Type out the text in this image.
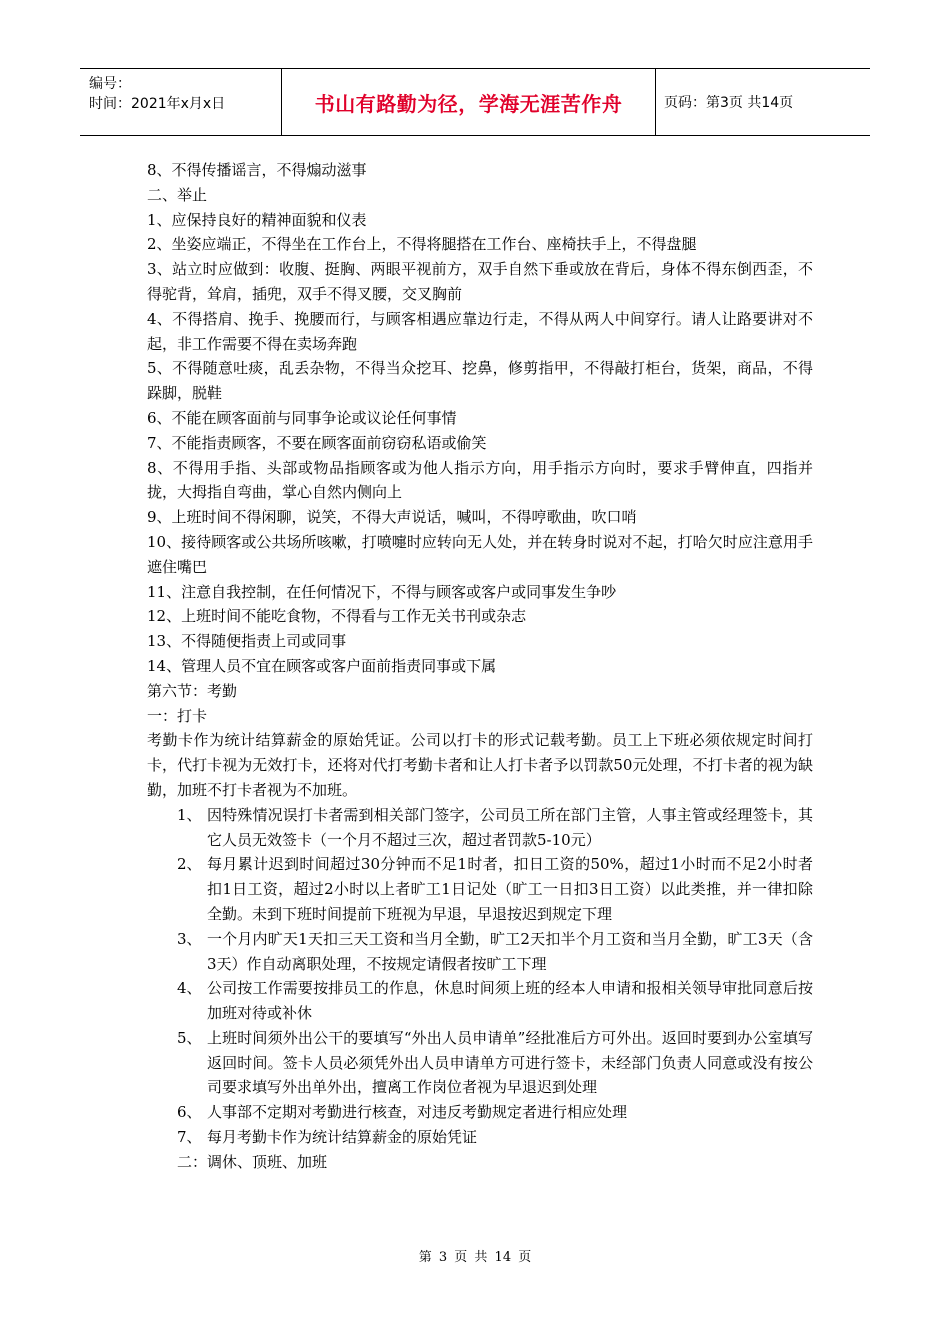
编号：
时间：2021年x月x日	书山有路勤为径，学海无涯苦作舟	页码：第3页 共14页

8、不得传播谣言，不得煽动滋事

二、举止

1、应保持良好的精神面貌和仪表

2、坐姿应端正，不得坐在工作台上，不得将腿搭在工作台、座椅扶手上，不得盘腿

3、站立时应做到：收腹、挺胸、两眼平视前方，双手自然下垂或放在背后，身体不得东倒西歪，不得驼背，耸肩，插兜，双手不得叉腰，交叉胸前

4、不得搭肩、挽手、挽腰而行，与顾客相遇应靠边行走，不得从两人中间穿行。请人让路要讲对不起，非工作需要不得在卖场奔跑

5、不得随意吐痰，乱丢杂物，不得当众挖耳、挖鼻，修剪指甲，不得敲打柜台，货架，商品，不得跺脚，脱鞋

6、不能在顾客面前与同事争论或议论任何事情

7、不能指责顾客，不要在顾客面前窃窃私语或偷笑

8、不得用手指、头部或物品指顾客或为他人指示方向，用手指示方向时，要求手臂伸直，四指并拢，大拇指自弯曲，掌心自然内侧向上

9、上班时间不得闲聊，说笑，不得大声说话，喊叫，不得哼歌曲，吹口哨

10、接待顾客或公共场所咳嗽，打喷嚏时应转向无人处，并在转身时说对不起，打哈欠时应注意用手遮住嘴巴

11、注意自我控制，在任何情况下，不得与顾客或客户或同事发生争吵

12、上班时间不能吃食物，不得看与工作无关书刊或杂志

13、不得随便指责上司或同事

14、管理人员不宜在顾客或客户面前指责同事或下属

第六节：考勤

一：打卡

考勤卡作为统计结算薪金的原始凭证。公司以打卡的形式记载考勤。员工上下班必须依规定时间打卡，代打卡视为无效打卡，还将对代打考勤卡者和让人打卡者予以罚款50元处理，不打卡者的视为缺勤，加班不打卡者视为不加班。

1、 因特殊情况误打卡者需到相关部门签字，公司员工所在部门主管，人事主管或经理签卡，其它人员无效签卡（一个月不超过三次，超过者罚款5-10元）
2、 每月累计迟到时间超过30分钟而不足1时者，扣日工资的50%，超过1小时而不足2小时者扣1日工资，超过2小时以上者旷工1日记处（旷工一日扣3日工资）以此类推，并一律扣除全勤。未到下班时间提前下班视为早退，早退按迟到规定下理
3、 一个月内旷天1天扣三天工资和当月全勤，旷工2天扣半个月工资和当月全勤，旷工3天（含3天）作自动离职处理，不按规定请假者按旷工下理
4、 公司按工作需要按排员工的作息，休息时间须上班的经本人申请和报相关领导审批同意后按加班对待或补休
5、 上班时间须外出公干的要填写“外出人员申请单”经批准后方可外出。返回时要到办公室填写返回时间。签卡人员必须凭外出人员申请单方可进行签卡，未经部门负责人同意或没有按公司要求填写外出单外出，擅离工作岗位者视为早退迟到处理
6、 人事部不定期对考勤进行核查，对违反考勤规定者进行相应处理
7、 每月考勤卡作为统计结算薪金的原始凭证

二：调休、顶班、加班

第 3 页 共 14 页
